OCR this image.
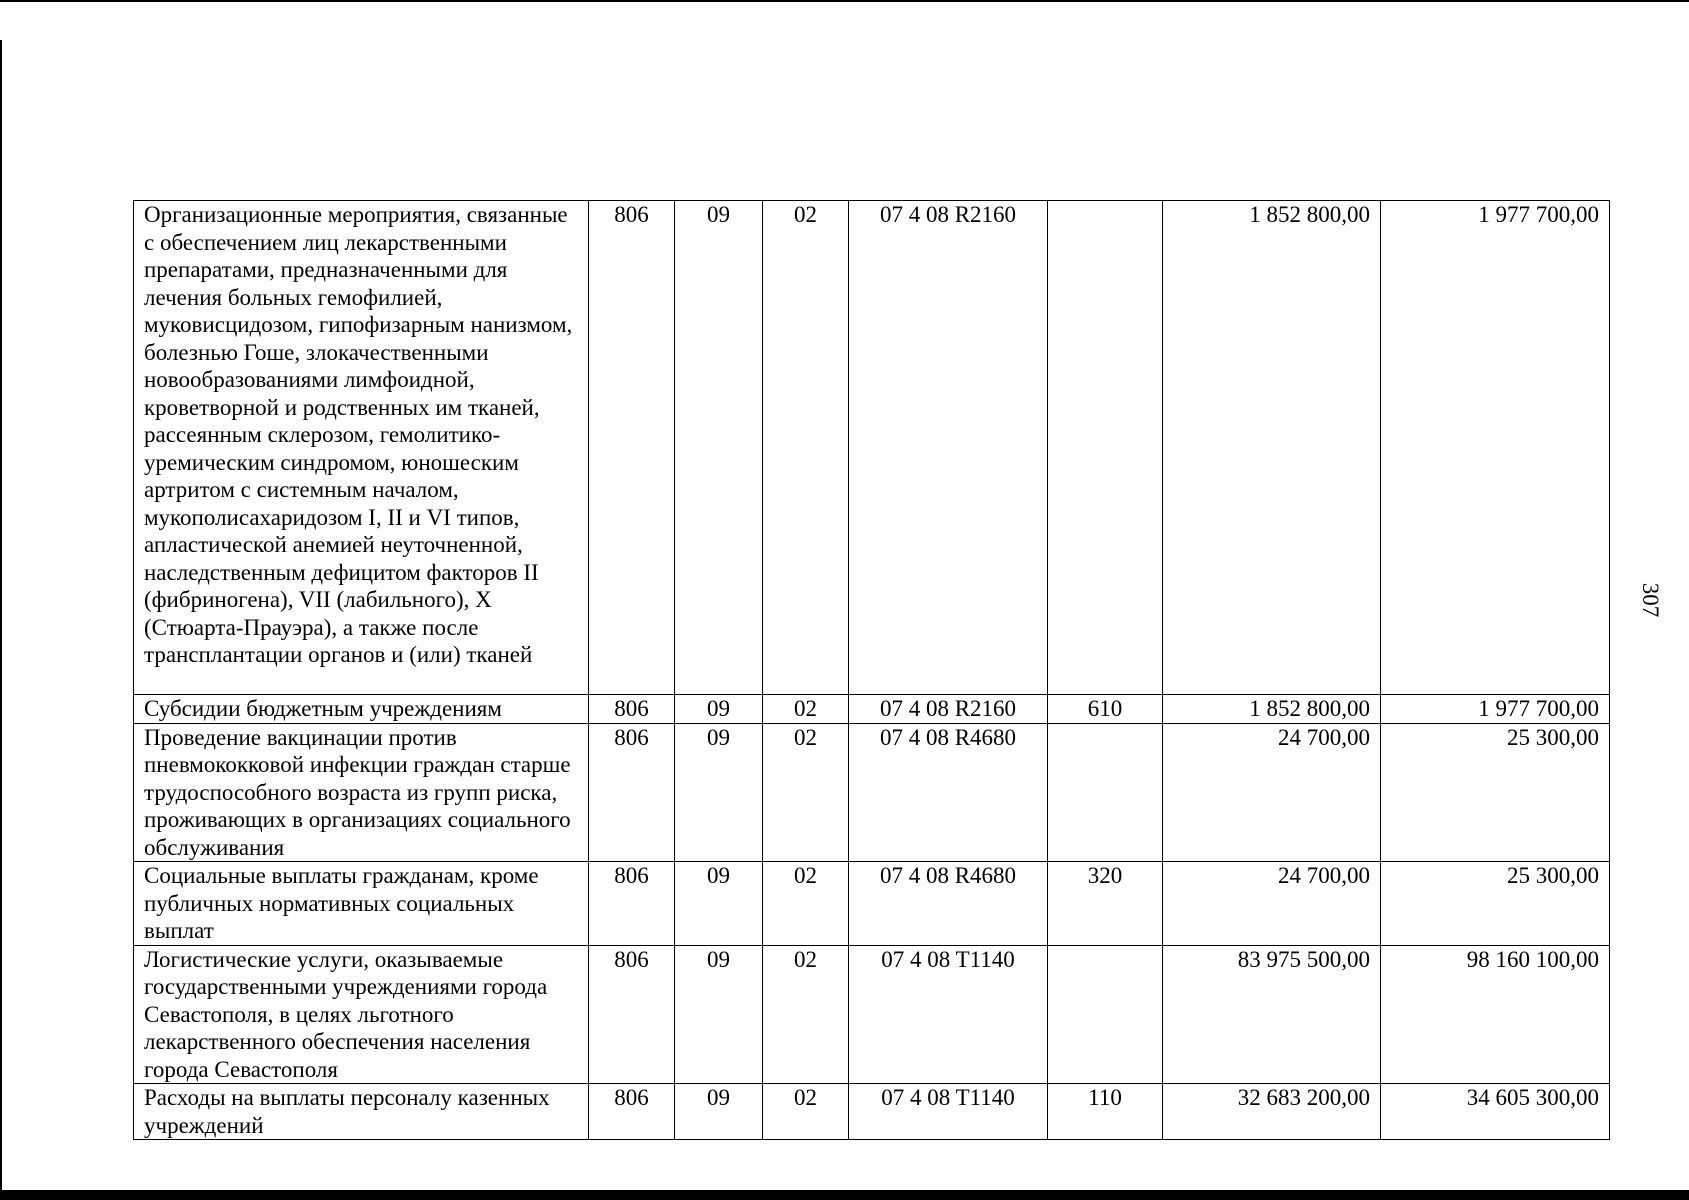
307
Организационные мероприятия, связанные с обеспечением лиц лекарственными препаратами, предназначенными для лечения больных гемофилией, муковисцидозом, гипофизарным нанизмом, болезнью Гоше, злокачественными новообразованиями лимфоидной, кроветворной и родственных им тканей, рассеянным склерозом, гемолитико-уремическим синдромом, юношеским артритом с системным началом, мукополисахаридозом I, II и VI типов, апластической анемией неуточненной, наследственным дефицитом факторов II (фибриногена), VII (лабильного), X (Стюарта-Прауэра), а также после трансплантации органов и (или) тканей	806	09	02	07 4 08 R2160		1 852 800,00	1 977 700,00
Субсидии бюджетным учреждениям	806	09	02	07 4 08 R2160	610	1 852 800,00	1 977 700,00
Проведение вакцинации против пневмококковой инфекции граждан старше трудоспособного возраста из групп риска, проживающих в организациях социального обслуживания	806	09	02	07 4 08 R4680		24 700,00	25 300,00
Социальные выплаты гражданам, кроме публичных нормативных социальных выплат	806	09	02	07 4 08 R4680	320	24 700,00	25 300,00
Логистические услуги, оказываемые государственными учреждениями города Севастополя, в целях льготного лекарственного обеспечения населения города Севастополя	806	09	02	07 4 08 T1140		83 975 500,00	98 160 100,00
Расходы на выплаты персоналу казенных учреждений	806	09	02	07 4 08 T1140	110	32 683 200,00	34 605 300,00
